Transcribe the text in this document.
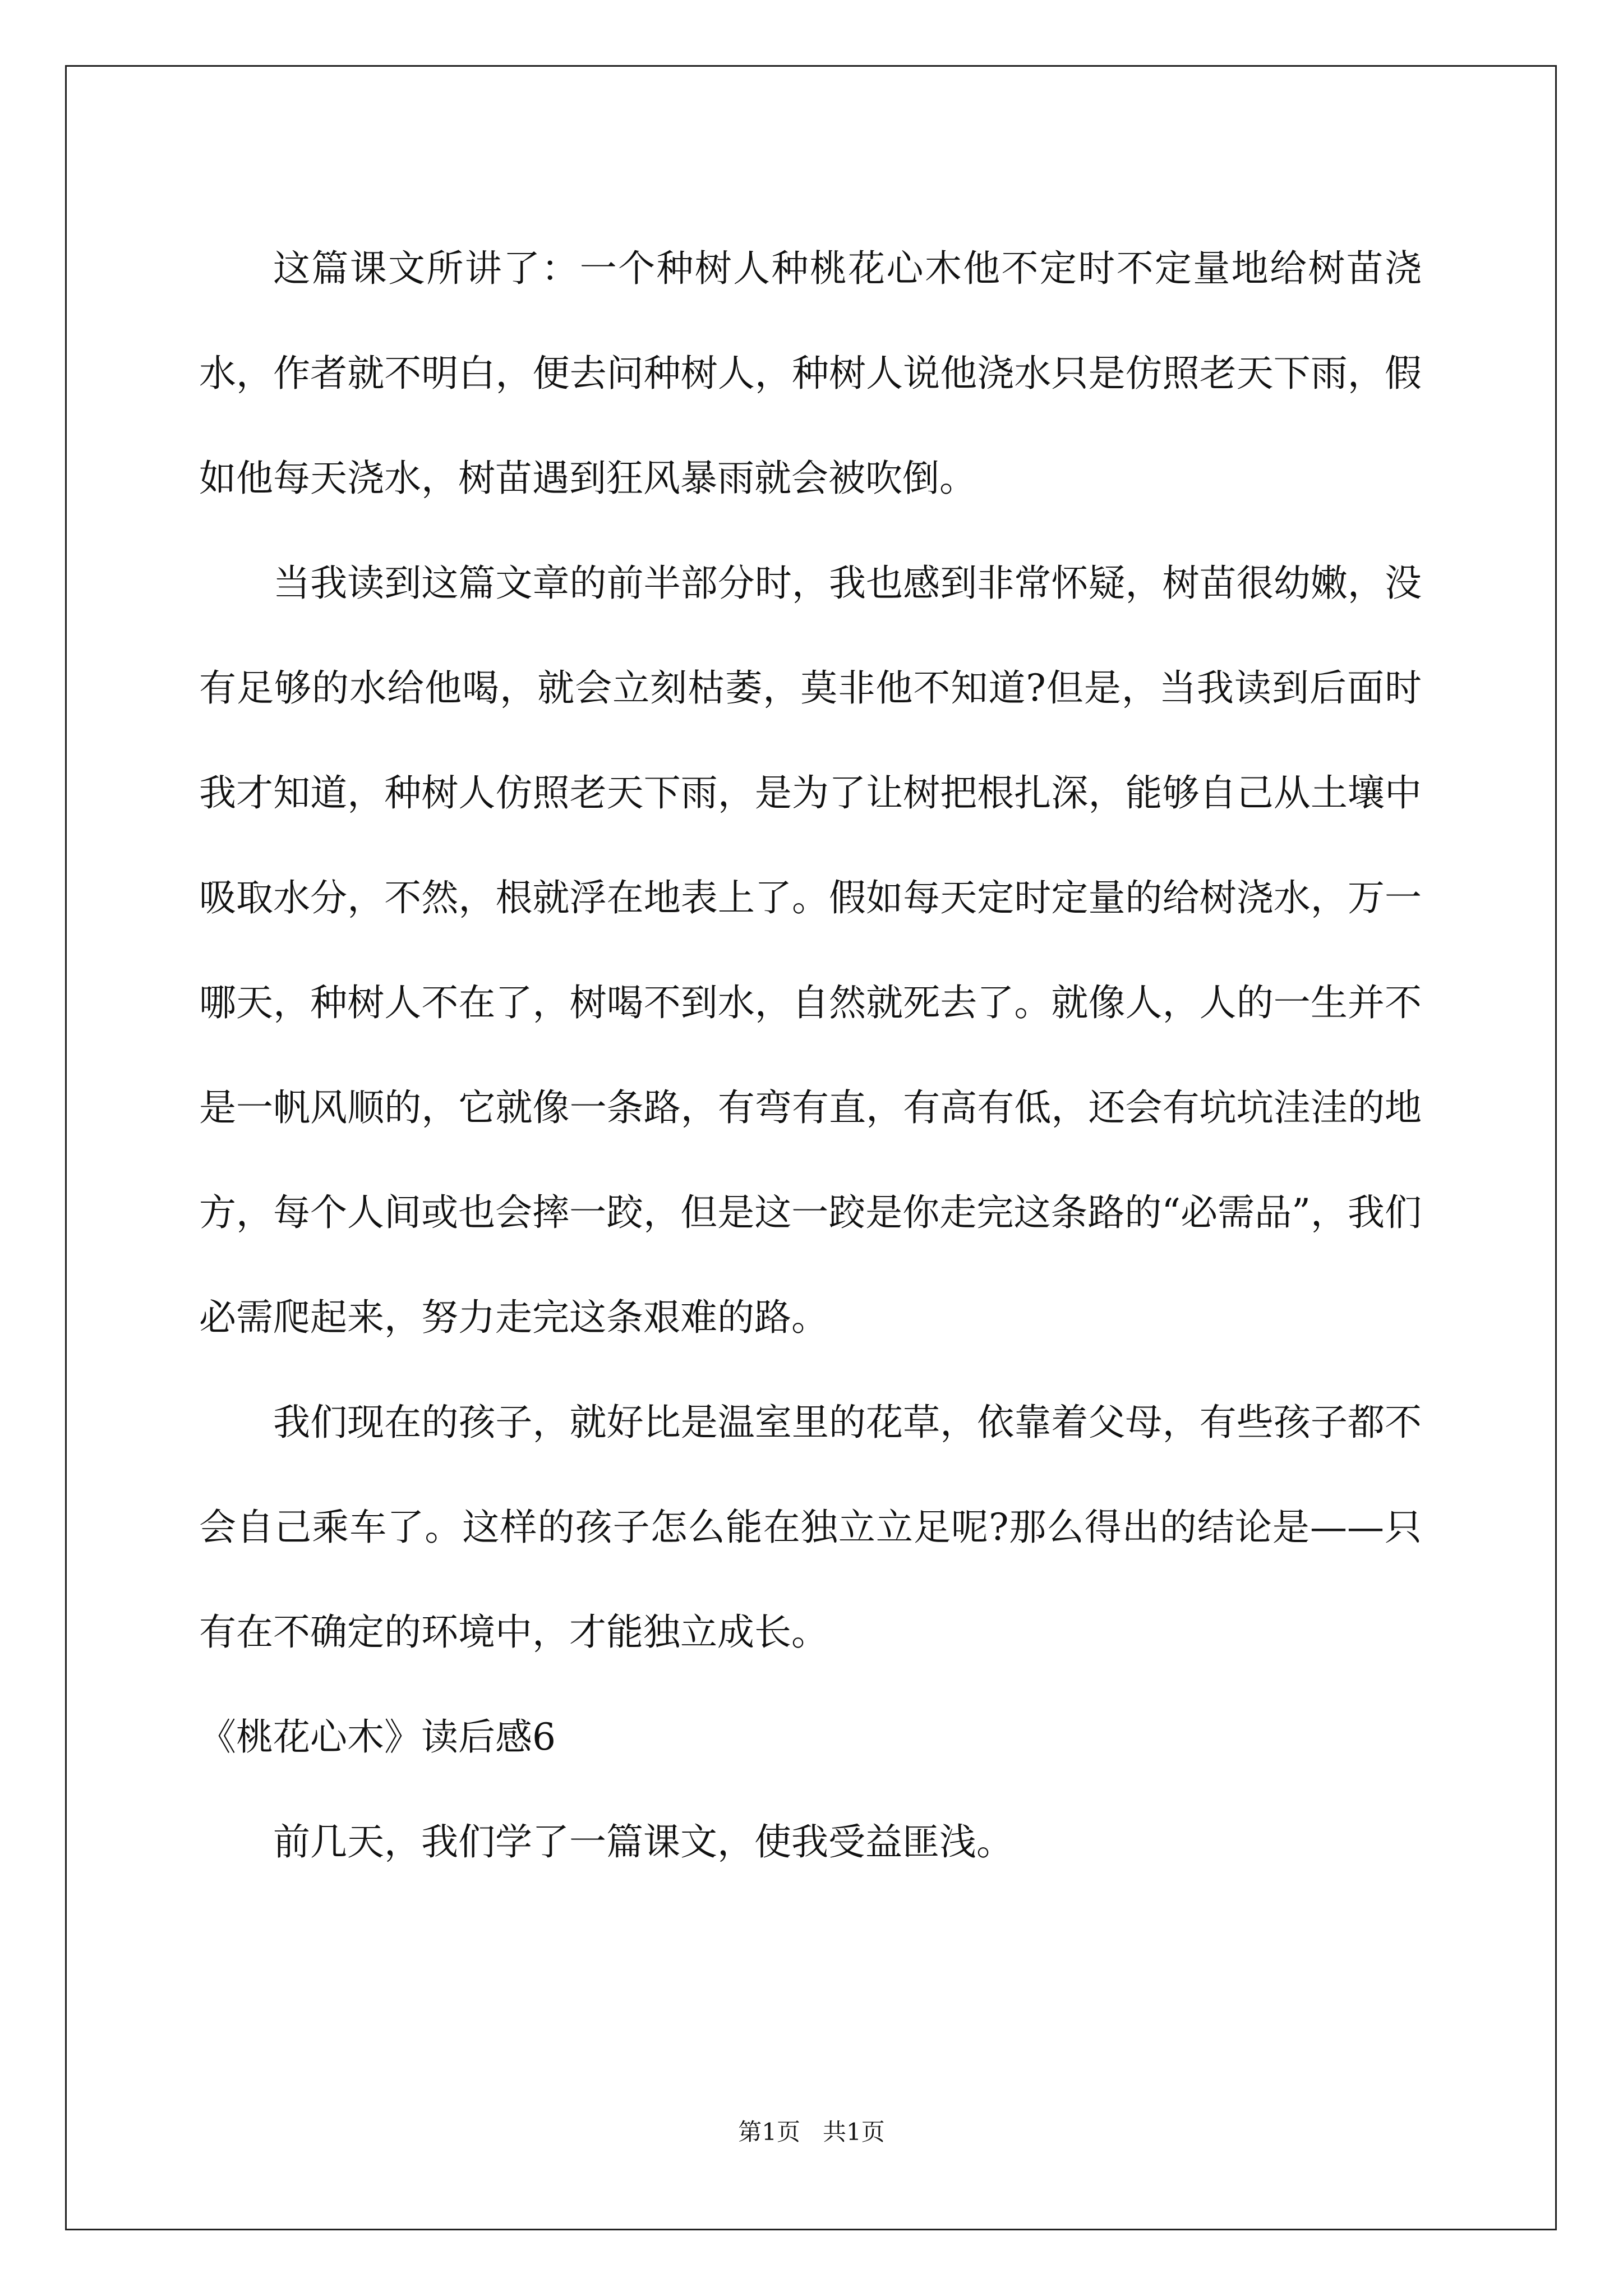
这篇课文所讲了：一个种树人种桃花心木他不定时不定量地给树苗浇水，作者就不明白，便去问种树人，种树人说他浇水只是仿照老天下雨，假如他每天浇水，树苗遇到狂风暴雨就会被吹倒。

当我读到这篇文章的前半部分时，我也感到非常怀疑，树苗很幼嫩，没有足够的水给他喝，就会立刻枯萎，莫非他不知道?但是，当我读到后面时我才知道，种树人仿照老天下雨，是为了让树把根扎深，能够自己从土壤中吸取水分，不然，根就浮在地表上了。假如每天定时定量的给树浇水，万一哪天，种树人不在了，树喝不到水，自然就死去了。就像人，人的一生并不是一帆风顺的，它就像一条路，有弯有直，有高有低，还会有坑坑洼洼的地方，每个人间或也会摔一跤，但是这一跤是你走完这条路的“必需品”，我们必需爬起来，努力走完这条艰难的路。

我们现在的孩子，就好比是温室里的花草，依靠着父母，有些孩子都不会自己乘车了。这样的孩子怎么能在独立立足呢?那么得出的结论是——只有在不确定的环境中，才能独立成长。

《桃花心木》读后感6

前几天，我们学了一篇课文，使我受益匪浅。

第1页   共1页
